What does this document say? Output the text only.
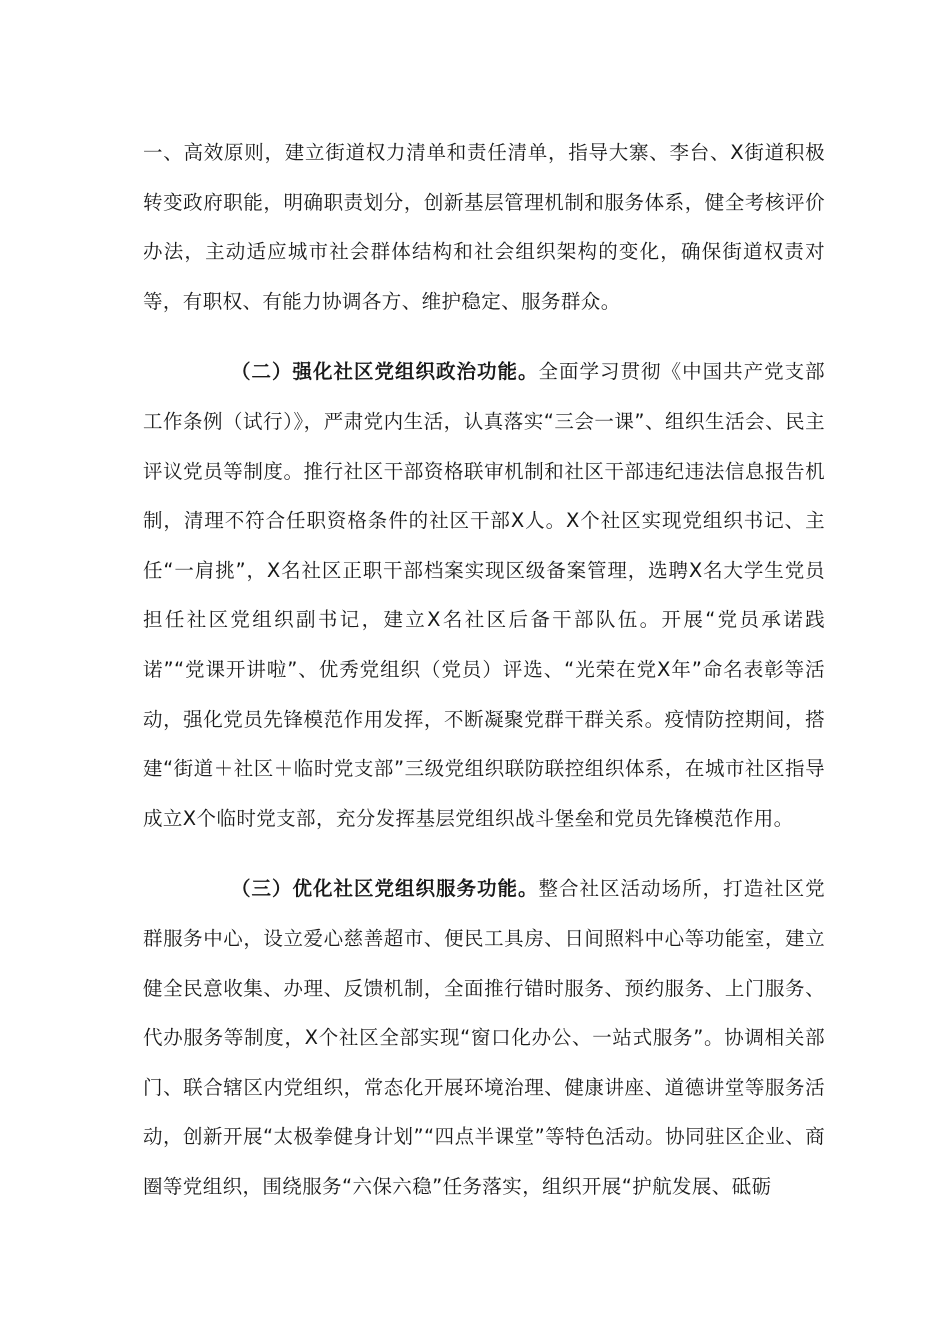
一、高效原则，建立街道权力清单和责任清单，指导大寨、李台、X街道积极转变政府职能，明确职责划分，创新基层管理机制和服务体系，健全考核评价办法，主动适应城市社会群体结构和社会组织架构的变化，确保街道权责对等，有职权、有能力协调各方、维护稳定、服务群众。

（二）强化社区党组织政治功能。全面学习贯彻《中国共产党支部工作条例（试行）》，严肃党内生活，认真落实“三会一课”、组织生活会、民主评议党员等制度。推行社区干部资格联审机制和社区干部违纪违法信息报告机制，清理不符合任职资格条件的社区干部X人。X个社区实现党组织书记、主任“一肩挑”，X名社区正职干部档案实现区级备案管理，选聘X名大学生党员担任社区党组织副书记，建立X名社区后备干部队伍。开展“党员承诺践诺”“党课开讲啦”、优秀党组织（党员）评选、“光荣在党X年”命名表彰等活动，强化党员先锋模范作用发挥，不断凝聚党群干群关系。疫情防控期间，搭建“街道＋社区＋临时党支部”三级党组织联防联控组织体系，在城市社区指导成立X个临时党支部，充分发挥基层党组织战斗堡垒和党员先锋模范作用。

（三）优化社区党组织服务功能。整合社区活动场所，打造社区党群服务中心，设立爱心慈善超市、便民工具房、日间照料中心等功能室，建立健全民意收集、办理、反馈机制，全面推行错时服务、预约服务、上门服务、代办服务等制度，X个社区全部实现“窗口化办公、一站式服务”。协调相关部门、联合辖区内党组织，常态化开展环境治理、健康讲座、道德讲堂等服务活动，创新开展“太极拳健身计划”“四点半课堂”等特色活动。协同驻区企业、商圈等党组织，围绕服务“六保六稳”任务落实，组织开展“护航发展、砥砺
